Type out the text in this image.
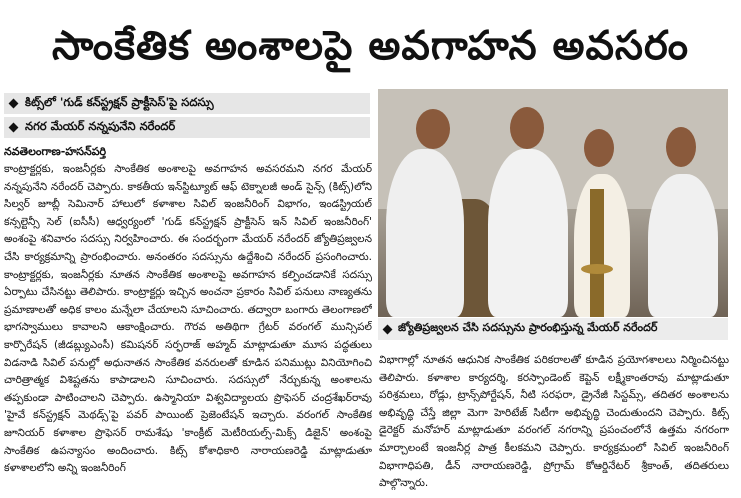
సాంకేతిక అంశాలపై అవగాహన అవసరం
కిట్స్‌లో 'గుడ్ కన్‌స్ట్రక్షన్ ప్రాక్టీసెస్'పై సదస్సు
నగర మేయర్ నన్నపునేని నరేందర్
నవతెలంగాణ-హసన్‌పర్తి

కాంట్రాక్టర్లకు, ఇంజనీర్లకు సాంకేతిక అంశాలపై అవగాహన అవసరమని నగర మేయర్ నన్నపునేని నరేందర్ చెప్పారు. కాకతీయ ఇన్‌స్టిట్యూట్ ఆఫ్ టెక్నాలజీ అండ్ సైన్స్ (కిట్స్)లోని సిల్వర్ జూబ్లీ సెమినార్ హాలులో కళాశాల సివిల్ ఇంజనీరింగ్ విభాగం, ఇండస్ట్రియల్ కన్సల్టెన్సీ సెల్ (ఐసీసీ) ఆధ్వర్యంలో 'గుడ్ కన్‌స్ట్రక్షన్ ప్రాక్టీసెస్ ఇన్ సివిల్ ఇంజనీరింగ్' అంశంపై శనివారం సదస్సు నిర్వహించారు. ఈ సందర్భంగా మేయర్ నరేందర్ జ్యోతిప్రజ్వలన చేసి కార్యక్రమాన్ని ప్రారంభించారు. అనంతరం సదస్సును ఉద్దేశించి నరేందర్ ప్రసంగించారు. కాంట్రాక్టర్లకు, ఇంజనీర్లకు నూతన సాంకేతిక అంశాలపై అవగాహన కల్పించడానికే సదస్సు ఏర్పాటు చేసినట్టు తెలిపారు. కాంట్రాక్టర్లు ఇచ్చిన అంచనా ప్రకారం సివిల్ పనులు నాణ్యతను ప్రమాణాలతో అధిక కాలం మన్నేలా చేయాలని సూచించారు. తద్వారా బంగారు తెలంగాణలో భాగస్వాములు కావాలని ఆకాంక్షించారు. గౌరవ అతిథిగా గ్రేటర్ వరంగల్ మున్సిపల్ కార్పొరేషన్ (జీడబ్ల్యుఎంసీ) కమిషనర్ సర్ఫరాజ్ అహ్మద్ మాట్లాడుతూ మూస పద్ధతులు విడనాడి సివిల్ పనుల్లో అధునాతన సాంకేతిక వనరులతో కూడిన పనిముట్లు వినియోగించి చారిత్రాత్మక విశిష్టతను కాపాడాలని సూచించారు. సదస్సులో నేర్చుకున్న అంశాలను తప్పకుండా పాటించాలని చెప్పారు. ఉస్మానియా విశ్వవిద్యాలయ ప్రొఫెసర్ చంద్రశేఖర్‌రావు 'హైవే కన్‌స్ట్రక్షన్ మెథడ్స్'పై పవర్ పాయింట్ ప్రెజెంటేషన్ ఇచ్చారు. వరంగల్ సాంకేతిక జూనియర్ కళాశాల ప్రొఫెసర్ రామశేషు 'కాంక్రీట్ మెటీరియల్స్-మిక్స్ డిజైన్' అంశంపై సాంకేతిక ఉపన్యాసం అందించారు. కిట్స్ కోశాధికారి నారాయణరెడ్డి మాట్లాడుతూ కళాశాలలోని అన్ని ఇంజనీరింగ్

జ్యోతిప్రజ్వలన చేసి సదస్సును ప్రారంభిస్తున్న మేయర్ నరేందర్

విభాగాల్లో నూతన ఆధునిక సాంకేతిక పరికరాలతో కూడిన ప్రయోగశాలలు నిర్మించినట్టు తెలిపారు. కళాశాల కార్యదర్శి, కరస్పాండెంట్ కెప్టెన్ లక్ష్మీకాంతరావు మాట్లాడుతూ పరిశ్రమలు, రోడ్లు, ట్రాన్స్‌పోర్టేషన్, నీటి సరఫరా, డ్రైనేజీ సిస్టమ్స్, తదితర అంశాలను అభివృద్ధి చేస్తే జిల్లా మెగా హెరిటేజ్ సిటీగా అభివృద్ధి చెందుతుందని చెప్పారు. కిట్స్ డైరెక్టర్ మనోహర్ మాట్లాడుతూ వరంగల్ నగరాన్ని ప్రపంచంలోనే ఉత్తమ నగరంగా మార్చాలంటే ఇంజనీర్ల పాత్ర కీలకమని చెప్పారు. కార్యక్రమంలో సివిల్ ఇంజనీరింగ్ విభాగాధిపతి, డీన్ నారాయణరెడ్డి, ప్రోగ్రామ్ కోఆర్డినేటర్ శ్రీకాంత్, తదితరులు పాల్గొన్నారు.
